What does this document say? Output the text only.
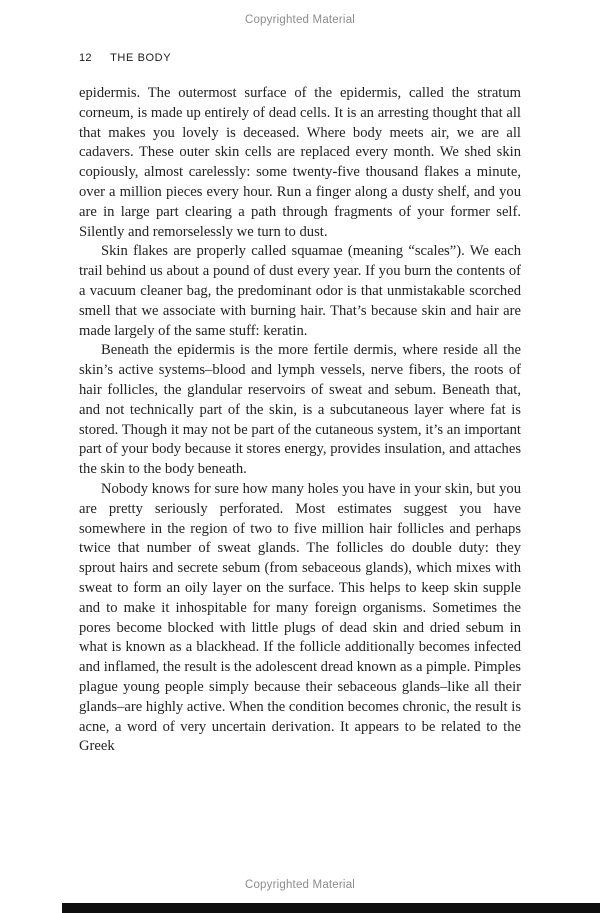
Copyrighted Material
12 THE BODY

epidermis. The outermost surface of the epidermis, called the stratum corneum, is made up entirely of dead cells. It is an arresting thought that all that makes you lovely is deceased. Where body meets air, we are all cadavers. These outer skin cells are replaced every month. We shed skin copiously, almost carelessly: some twenty-five thousand flakes a minute, over a million pieces every hour. Run a finger along a dusty shelf, and you are in large part clearing a path through fragments of your former self. Silently and remorselessly we turn to dust.

Skin flakes are properly called squamae (meaning “scales”). We each trail behind us about a pound of dust every year. If you burn the contents of a vacuum cleaner bag, the predominant odor is that unmistakable scorched smell that we associate with burning hair. That’s because skin and hair are made largely of the same stuff: keratin.

Beneath the epidermis is the more fertile dermis, where reside all the skin’s active systems–blood and lymph vessels, nerve fibers, the roots of hair follicles, the glandular reservoirs of sweat and sebum. Beneath that, and not technically part of the skin, is a subcutaneous layer where fat is stored. Though it may not be part of the cutaneous system, it’s an important part of your body because it stores energy, provides insulation, and attaches the skin to the body beneath.

Nobody knows for sure how many holes you have in your skin, but you are pretty seriously perforated. Most estimates suggest you have somewhere in the region of two to five million hair follicles and perhaps twice that number of sweat glands. The follicles do double duty: they sprout hairs and secrete sebum (from sebaceous glands), which mixes with sweat to form an oily layer on the surface. This helps to keep skin supple and to make it inhospitable for many foreign organisms. Sometimes the pores become blocked with little plugs of dead skin and dried sebum in what is known as a blackhead. If the follicle additionally becomes infected and inflamed, the result is the adolescent dread known as a pimple. Pimples plague young people simply because their sebaceous glands–like all their glands–are highly active. When the condition becomes chronic, the result is acne, a word of very uncertain derivation. It appears to be related to the Greek

Copyrighted Material
